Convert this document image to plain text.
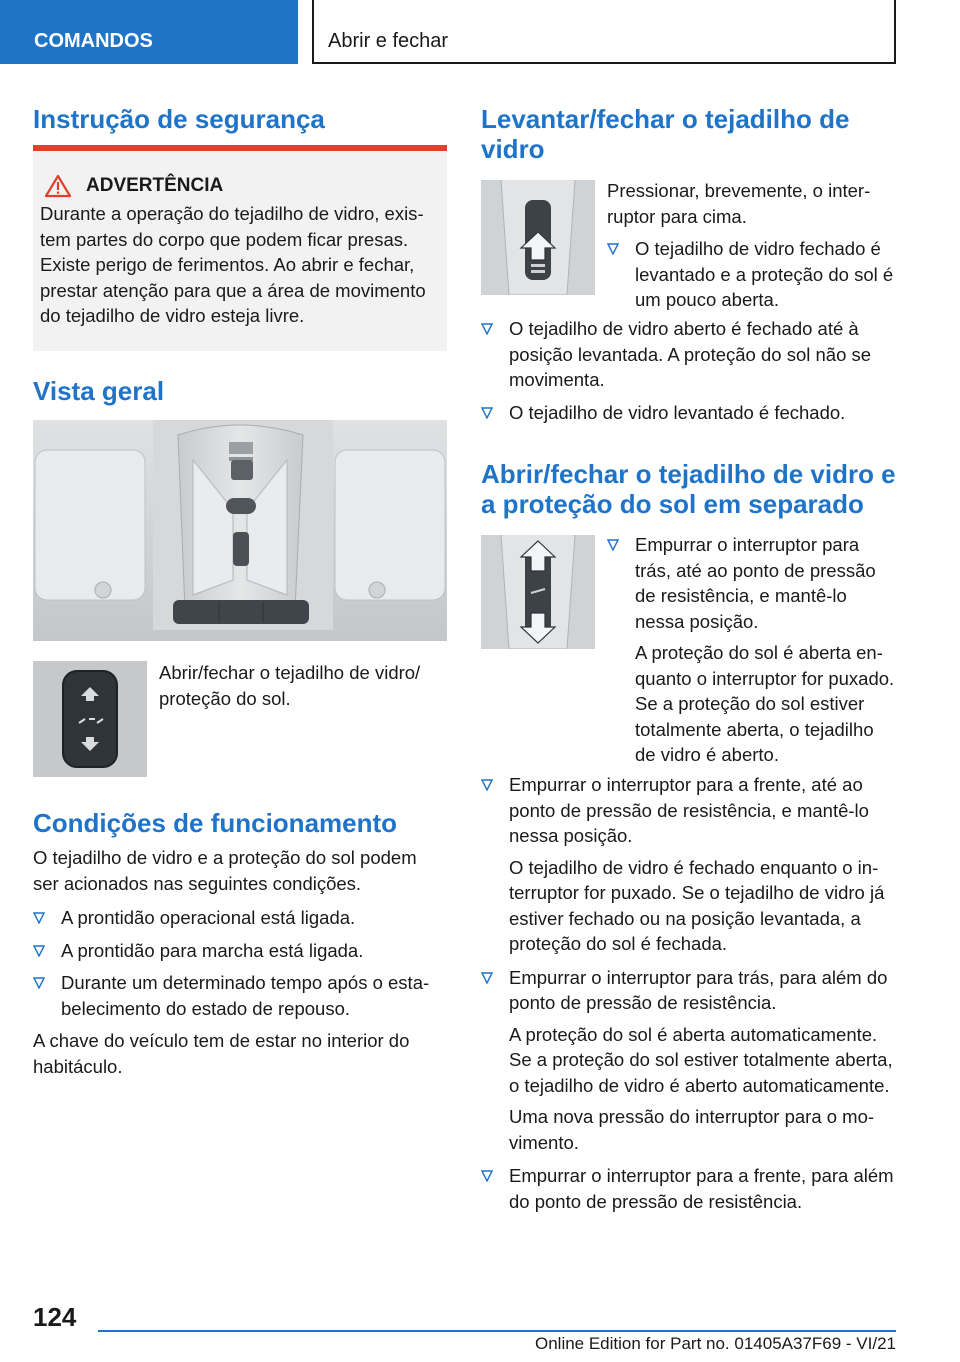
COMANDOS	Abrir e fechar
Instrução de segurança
ADVERTÊNCIA

Durante a operação do tejadilho de vidro, existem partes do corpo que podem ficar presas. Existe perigo de ferimentos. Ao abrir e fechar, prestar atenção para que a área de movimento do tejadilho de vidro esteja livre.

Vista geral

Abrir/fechar o tejadilho de vidro/ proteção do sol.

Condições de funcionamento

O tejadilho de vidro e a proteção do sol podem ser acionados nas seguintes condições.

A prontidão operacional está ligada.
A prontidão para marcha está ligada.
Durante um determinado tempo após o estabelecimento do estado de repouso.

A chave do veículo tem de estar no interior do habitáculo.

Levantar/fechar o tejadilho de vidro

Pressionar, brevemente, o interruptor para cima.

O tejadilho de vidro fechado é levantado e a proteção do sol é um pouco aberta.
O tejadilho de vidro aberto é fechado até à posição levantada. A proteção do sol não se movimenta.
O tejadilho de vidro levantado é fechado.
Abrir/fechar o tejadilho de vidro e a proteção do sol em separado
Empurrar o interruptor para trás, até ao ponto de pressão de resistência, e mantê-lo nessa posição.

A proteção do sol é aberta enquanto o interruptor for puxado. Se a proteção do sol estiver totalmente aberta, o tejadilho de vidro é aberto.

Empurrar o interruptor para a frente, até ao ponto de pressão de resistência, e mantê-lo nessa posição.

O tejadilho de vidro é fechado enquanto o interruptor for puxado. Se o tejadilho de vidro já estiver fechado ou na posição levantada, a proteção do sol é fechada.

Empurrar o interruptor para trás, para além do ponto de pressão de resistência.

A proteção do sol é aberta automaticamente. Se a proteção do sol estiver totalmente aberta, o tejadilho de vidro é aberto automaticamente.

Uma nova pressão do interruptor para o movimento.

Empurrar o interruptor para a frente, para além do ponto de pressão de resistência.
124
Online Edition for Part no. 01405A37F69 - VI/21
